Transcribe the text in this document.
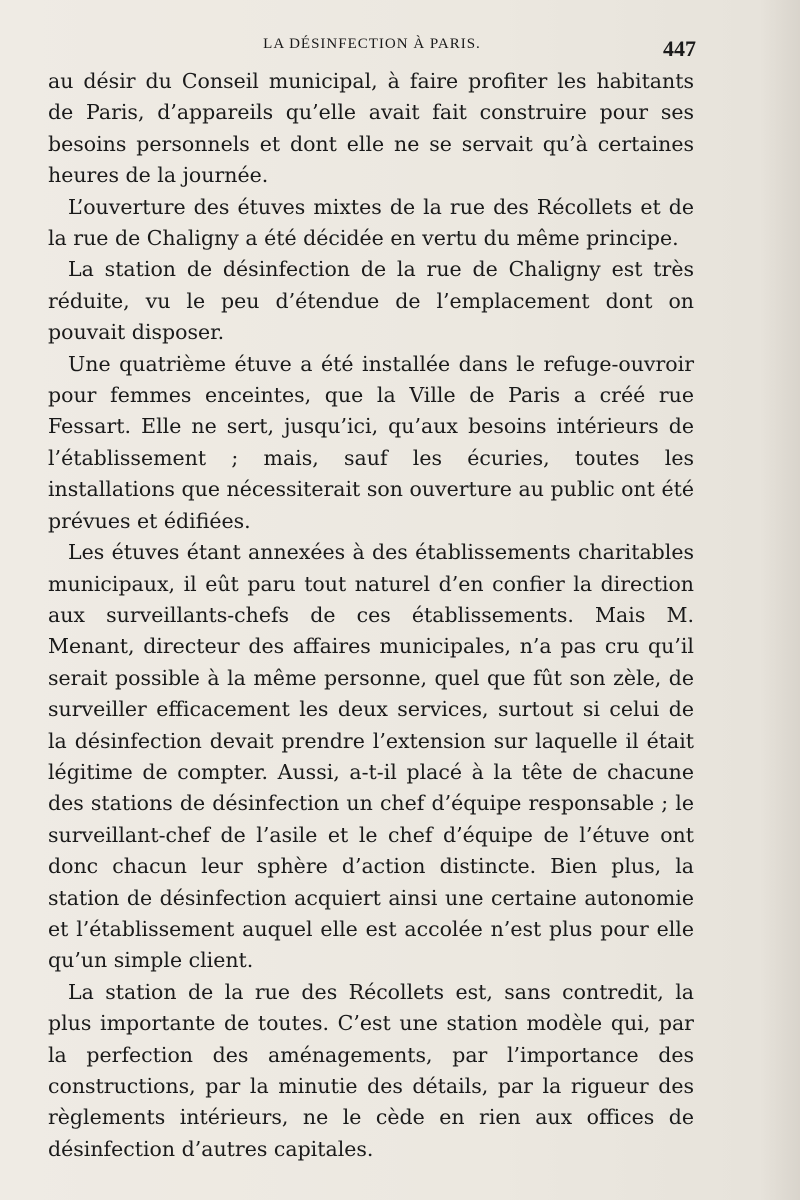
LA DÉSINFECTION À PARIS.	447

au désir du Conseil municipal, à faire profiter les habitants de Paris, d’appareils qu’elle avait fait construire pour ses besoins personnels et dont elle ne se servait qu’à certaines heures de la journée.

L’ouverture des étuves mixtes de la rue des Récollets et de la rue de Chaligny a été décidée en vertu du même principe.

La station de désinfection de la rue de Chaligny est très réduite, vu le peu d’étendue de l’emplacement dont on pouvait disposer.

Une quatrième étuve a été installée dans le refuge-ouvroir pour femmes enceintes, que la Ville de Paris a créé rue Fessart. Elle ne sert, jusqu’ici, qu’aux besoins intérieurs de l’établissement ; mais, sauf les écuries, toutes les installations que nécessiterait son ouverture au public ont été prévues et édifiées.

Les étuves étant annexées à des établissements charitables municipaux, il eût paru tout naturel d’en confier la direction aux surveillants-chefs de ces établissements. Mais M. Menant, directeur des affaires municipales, n’a pas cru qu’il serait possible à la même personne, quel que fût son zèle, de surveiller efficacement les deux services, surtout si celui de la désinfection devait prendre l’extension sur laquelle il était légitime de compter. Aussi, a-t-il placé à la tête de chacune des stations de désinfection un chef d’équipe responsable ; le surveillant-chef de l’asile et le chef d’équipe de l’étuve ont donc chacun leur sphère d’action distincte. Bien plus, la station de désinfection acquiert ainsi une certaine autonomie et l’établissement auquel elle est accolée n’est plus pour elle qu’un simple client.

La station de la rue des Récollets est, sans contredit, la plus importante de toutes. C’est une station modèle qui, par la perfection des aménagements, par l’importance des constructions, par la minutie des détails, par la rigueur des règlements intérieurs, ne le cède en rien aux offices de désinfection d’autres capitales.
